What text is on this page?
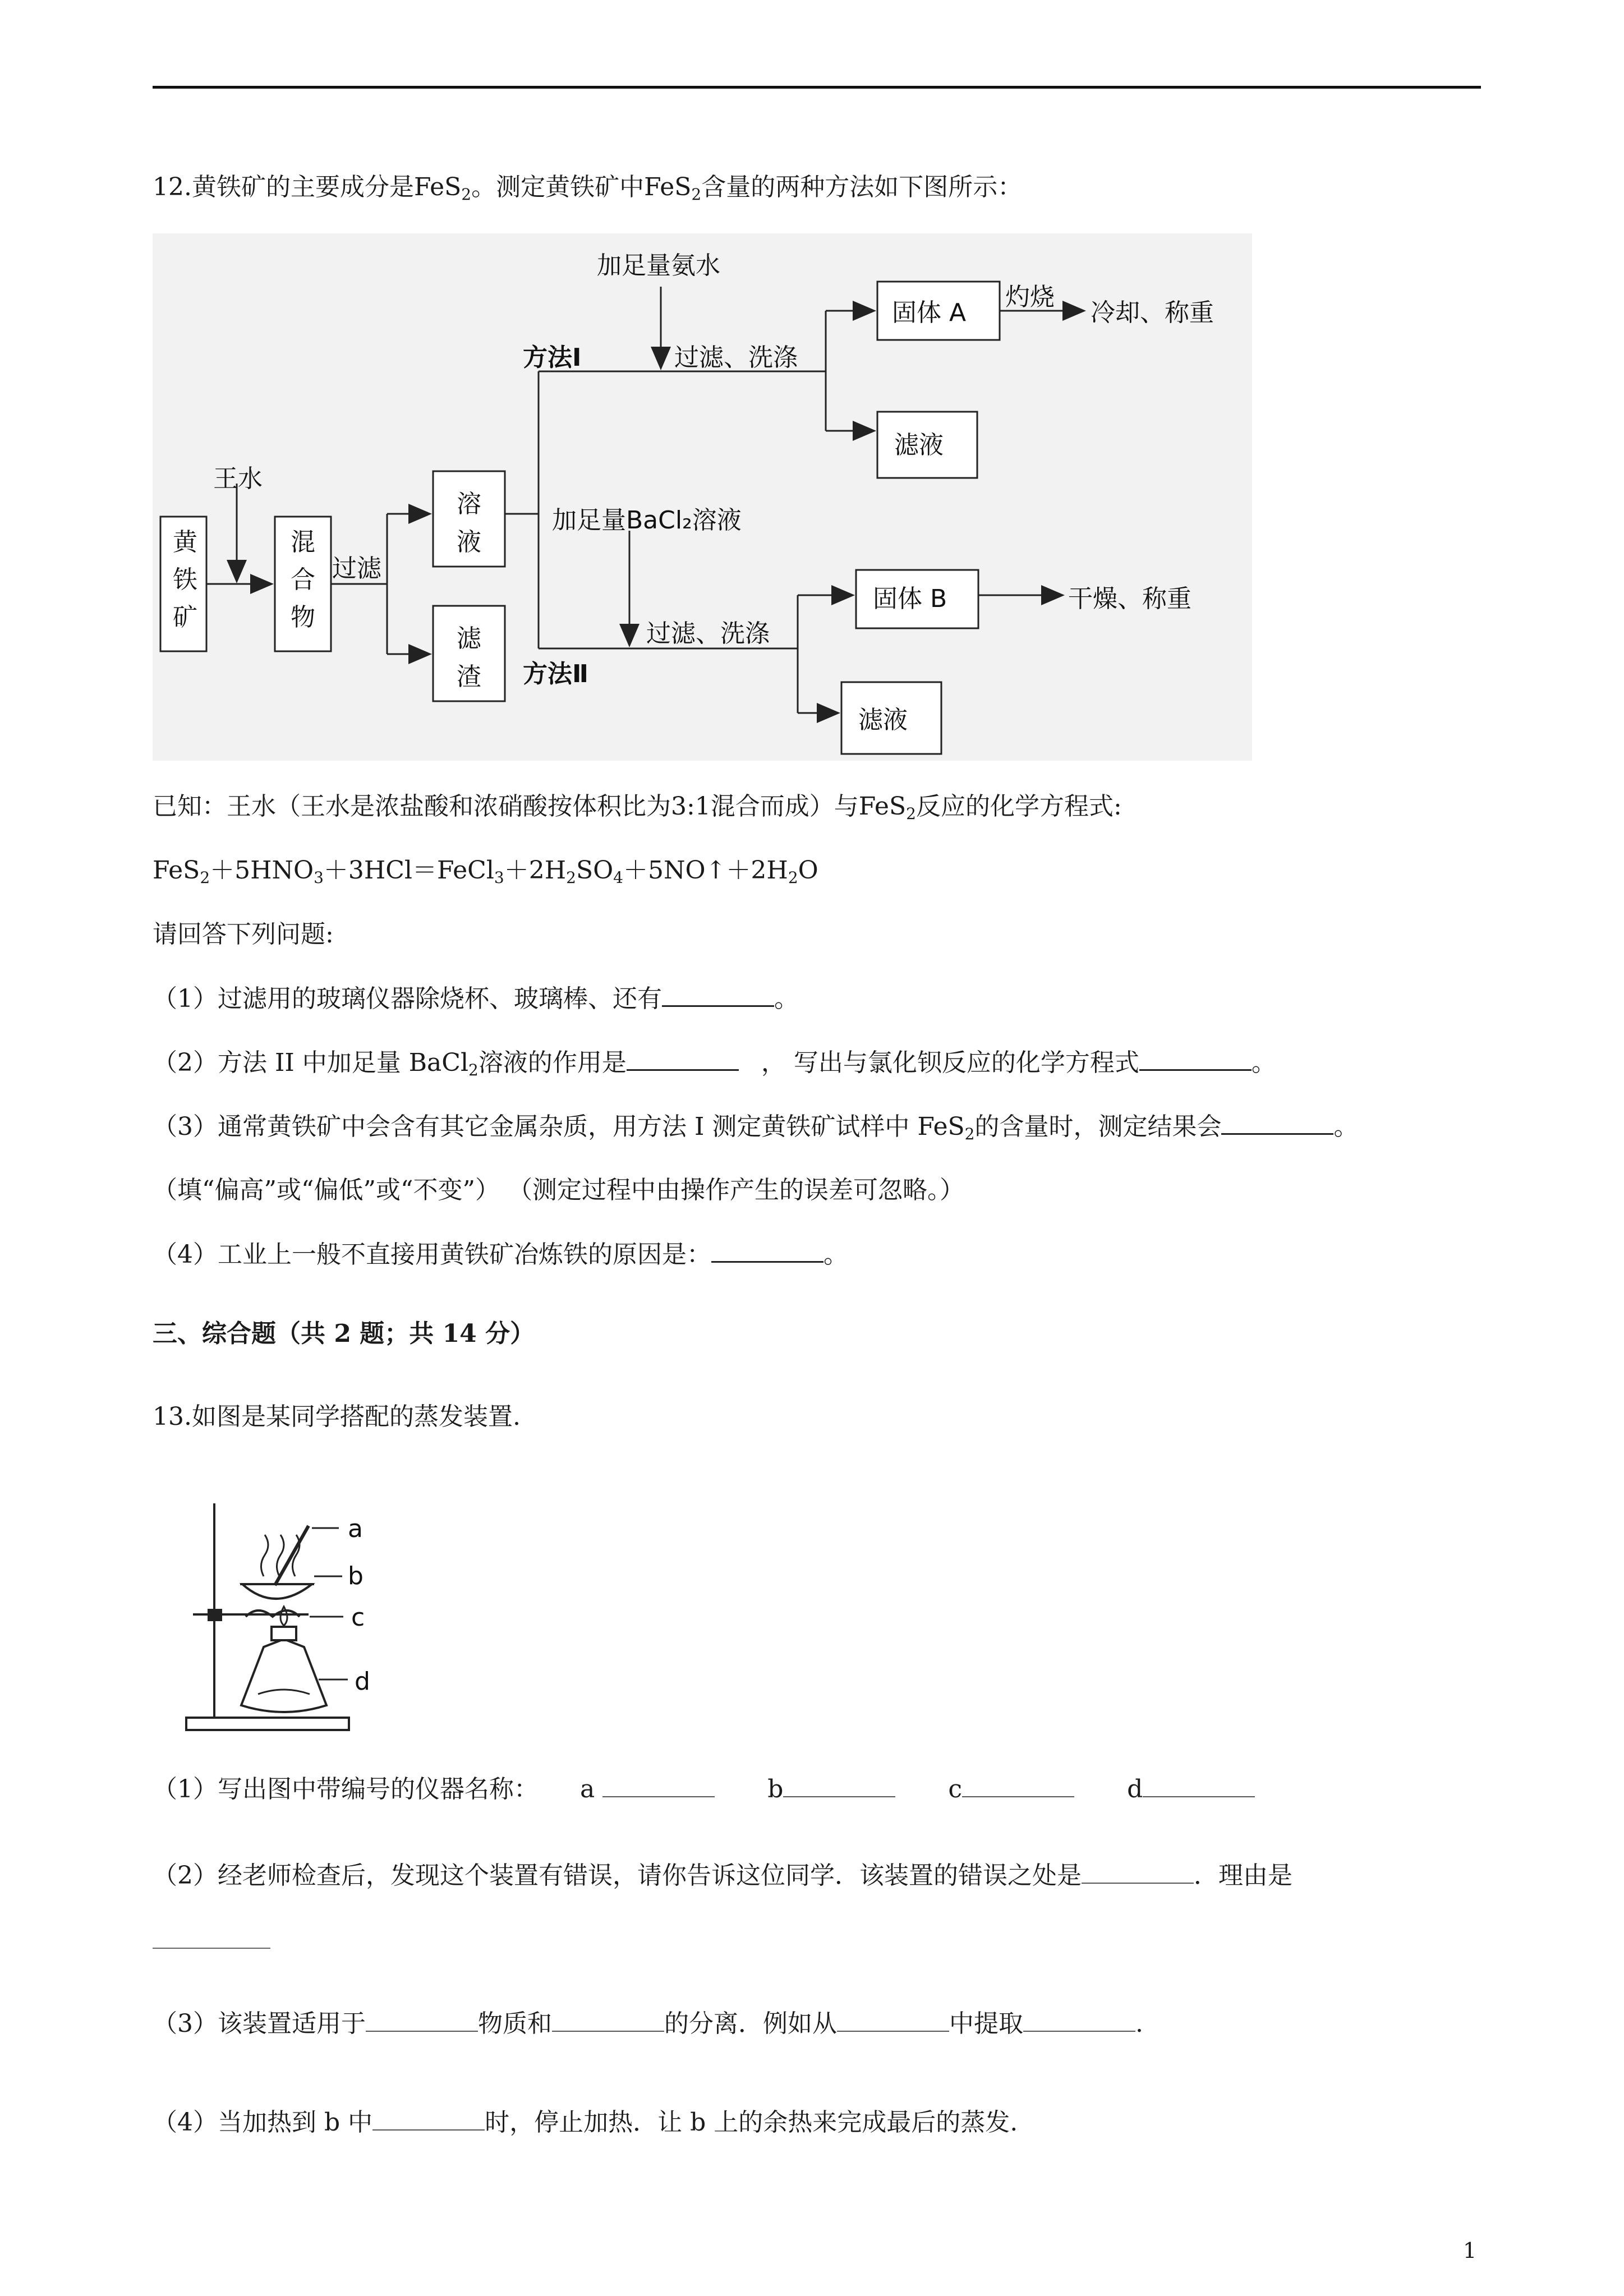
12.黄铁矿的主要成分是FeS$_2$。测定黄铁矿中FeS$_2$含量的两种方法如下图所示：
王水
黄
铁
矿
混
合
物
过滤
溶
液
滤
渣
加足量氨水
方法Ⅰ	过滤、洗涤
固体 A
灼烧
冷却、称重
滤液
加足量BaCl₂溶液
过滤、洗涤
方法Ⅱ
固体 B	干燥、称重
滤液
已知：王水（王水是浓盐酸和浓硝酸按体积比为3:1混合而成）与FeS$_2$反应的化学方程式:
$FeS_2+5HNO_3+3HCl=FeCl_3+2H_2SO_4+5NO↑+2H_2O$
请回答下列问题:
（1）过滤用的玻璃仪器除烧杯、玻璃棒、还有	。
（2）方法 II 中加足量 BaCl$_2$溶液的作用是	， 写出与氯化钡反应的化学方程式	。
（3）通常黄铁矿中会含有其它金属杂质，用方法 I 测定黄铁矿试样中 FeS$_2$的含量时，测定结果会	。
（填“偏高”或“偏低”或“不变”） （测定过程中由操作产生的误差可忽略。）
（4）工业上一般不直接用黄铁矿冶炼铁的原因是：	。
三、综合题（共 2 题；共 14 分）
13.如图是某同学搭配的蒸发装置.
a
b
c
d
（1）写出图中带编号的仪器名称： a	b	c	d
（2）经老师检查后，发现这个装置有错误，请你告诉这位同学．该装置的错误之处是	．理由是
（3）该装置适用于	物质和	的分离．例如从	中提取	.
（4）当加热到 b 中	时，停止加热．让 b 上的余热来完成最后的蒸发.
1
